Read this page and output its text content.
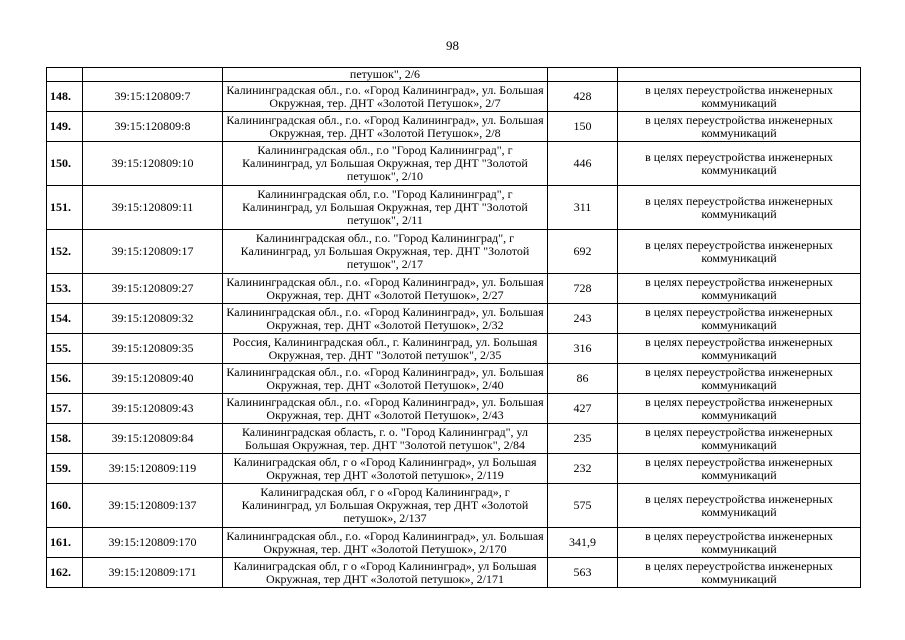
98
		петушок", 2/6		
148.	39:15:120809:7	Калининградская обл., г.о. «Город Калининград», ул. Большая Окружная, тер. ДНТ «Золотой Петушок», 2/7	428	в целях переустройства инженерных коммуникаций
149.	39:15:120809:8	Калининградская обл., г.о. «Город Калининград», ул. Большая Окружная, тер. ДНТ «Золотой Петушок», 2/8	150	в целях переустройства инженерных коммуникаций
150.	39:15:120809:10	Калининградская обл., г.о "Город Калининград", г Калининград, ул Большая Окружная, тер ДНТ "Золотой петушок", 2/10	446	в целях переустройства инженерных коммуникаций
151.	39:15:120809:11	Калининградская обл, г.о. "Город Калининград", г Калининград, ул Большая Окружная, тер ДНТ "Золотой петушок", 2/11	311	в целях переустройства инженерных коммуникаций
152.	39:15:120809:17	Калининградская обл., г.о. "Город Калининград", г Калининград, ул Большая Окружная, тер. ДНТ "Золотой петушок", 2/17	692	в целях переустройства инженерных коммуникаций
153.	39:15:120809:27	Калининградская обл., г.о. «Город Калининград», ул. Большая Окружная, тер. ДНТ «Золотой Петушок», 2/27	728	в целях переустройства инженерных коммуникаций
154.	39:15:120809:32	Калининградская обл., г.о. «Город Калининград», ул. Большая Окружная, тер. ДНТ «Золотой Петушок», 2/32	243	в целях переустройства инженерных коммуникаций
155.	39:15:120809:35	Россия, Калининградская обл., г. Калининград, ул. Большая Окружная, тер. ДНТ "Золотой петушок", 2/35	316	в целях переустройства инженерных коммуникаций
156.	39:15:120809:40	Калининградская обл., г.о. «Город Калининград», ул. Большая Окружная, тер. ДНТ «Золотой Петушок», 2/40	86	в целях переустройства инженерных коммуникаций
157.	39:15:120809:43	Калининградская обл., г.о. «Город Калининград», ул. Большая Окружная, тер. ДНТ «Золотой Петушок», 2/43	427	в целях переустройства инженерных коммуникаций
158.	39:15:120809:84	Калининградская область, г. о. "Город Калининград", ул Большая Окружная, тер. ДНТ "Золотой петушок", 2/84	235	в целях переустройства инженерных коммуникаций
159.	39:15:120809:119	Калиниградская обл, г о «Город Калининград», ул Большая Окружная, тер ДНТ «Золотой петушок», 2/119	232	в целях переустройства инженерных коммуникаций
160.	39:15:120809:137	Калиниградская обл, г о «Город Калининград», г Калининград, ул Большая Окружная, тер ДНТ «Золотой петушок», 2/137	575	в целях переустройства инженерных коммуникаций
161.	39:15:120809:170	Калининградская обл., г.о. «Город Калининград», ул. Большая Окружная, тер. ДНТ «Золотой Петушок», 2/170	341,9	в целях переустройства инженерных коммуникаций
162.	39:15:120809:171	Калиниградская обл, г о «Город Калининград», ул Большая Окружная, тер ДНТ «Золотой петушок», 2/171	563	в целях переустройства инженерных коммуникаций
